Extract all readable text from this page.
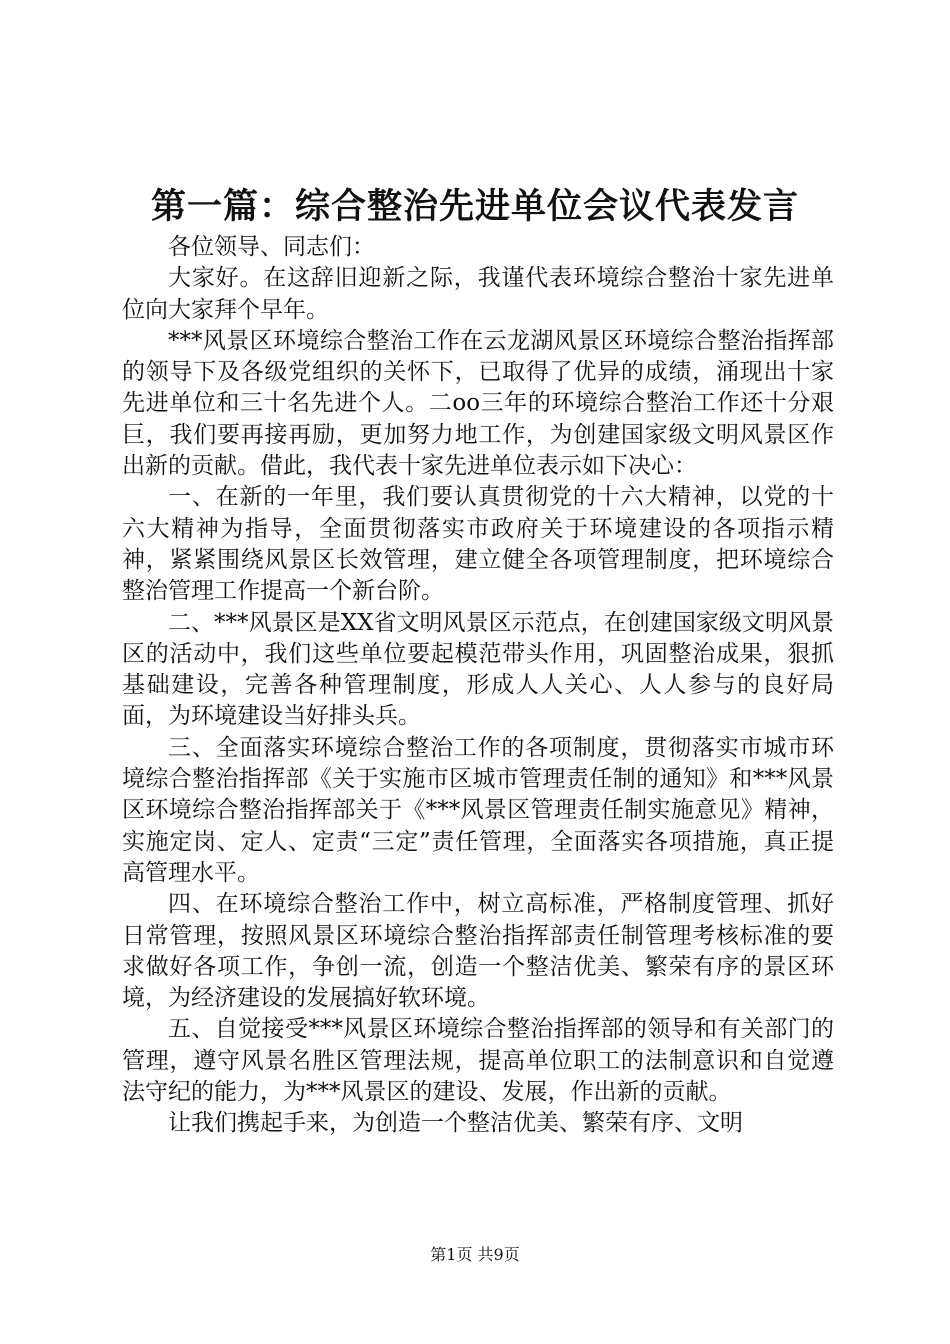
第一篇：综合整治先进单位会议代表发言

各位领导、同志们：

大家好。在这辞旧迎新之际，我谨代表环境综合整治十家先进单位向大家拜个早年。

***风景区环境综合整治工作在云龙湖风景区环境综合整治指挥部的领导下及各级党组织的关怀下，已取得了优异的成绩，涌现出十家先进单位和三十名先进个人。二oo三年的环境综合整治工作还十分艰巨，我们要再接再励，更加努力地工作，为创建国家级文明风景区作出新的贡献。借此，我代表十家先进单位表示如下决心：

一、在新的一年里，我们要认真贯彻党的十六大精神，以党的十六大精神为指导，全面贯彻落实市政府关于环境建设的各项指示精神，紧紧围绕风景区长效管理，建立健全各项管理制度，把环境综合整治管理工作提高一个新台阶。

二、***风景区是XX省文明风景区示范点，在创建国家级文明风景区的活动中，我们这些单位要起模范带头作用，巩固整治成果，狠抓基础建设，完善各种管理制度，形成人人关心、人人参与的良好局面，为环境建设当好排头兵。

三、全面落实环境综合整治工作的各项制度，贯彻落实市城市环境综合整治指挥部《关于实施市区城市管理责任制的通知》和***风景区环境综合整治指挥部关于《***风景区管理责任制实施意见》精神，实施定岗、定人、定责“三定”责任管理，全面落实各项措施，真正提高管理水平。

四、在环境综合整治工作中，树立高标准，严格制度管理、抓好日常管理，按照风景区环境综合整治指挥部责任制管理考核标准的要求做好各项工作，争创一流，创造一个整洁优美、繁荣有序的景区环境，为经济建设的发展搞好软环境。

五、自觉接受***风景区环境综合整治指挥部的领导和有关部门的管理，遵守风景名胜区管理法规，提高单位职工的法制意识和自觉遵法守纪的能力，为***风景区的建设、发展，作出新的贡献。

让我们携起手来，为创造一个整洁优美、繁荣有序、文明

第1页 共9页
